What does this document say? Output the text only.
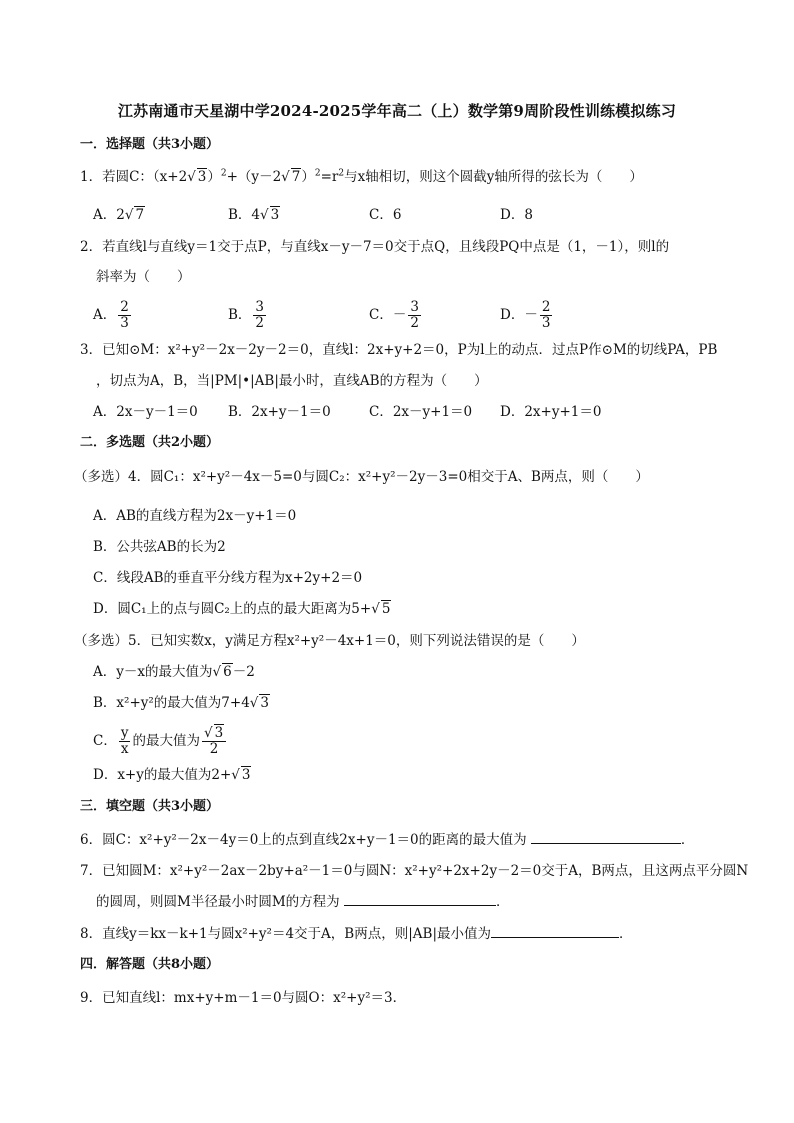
江苏南通市天星湖中学2024-2025学年高二（上）数学第9周阶段性训练模拟练习
一．选择题（共3小题）
1．若圆C：（x+2√ 3）$^2$+（y－2√ $7)^2=r^2$与x轴相切，则这个圆截y轴所得的弦长为（　　）
A．2√ 7	B．4√ 3	C．6	D．8
2．若直线l与直线y＝1交于点P，与直线x－y－7＝0交于点Q，且线段PQ中点是（1，－1），则l的
斜率为（　　）
A． $\frac{2}{3}$	B． $\frac{3}{2}$	C．－ $\frac{3}{2}$	D．－ $\frac{2}{3}$
3．已知⊙M：x²+y²－2x－2y－2＝0，直线l：2x+y+2＝0，P为l上的动点．过点P作⊙M的切线PA，PB
，切点为A，B，当|PM|•|AB|最小时，直线AB的方程为（　　）
A．2x－y－1＝0 B．2x+y－1＝0	C．2x－y+1＝0 D．2x+y+1＝0
二．多选题（共2小题）
（多选）4．圆C₁：x²+y²－4x－5=0与圆C₂：x²+y²－2y－3=0相交于A、B两点，则（　　）
A．AB的直线方程为2x－y+1＝0
B．公共弦AB的长为2
C．线段AB的垂直平分线方程为x+2y+2＝0
D．圆C₁上的点与圆C₂上的点的最大距离为5+√ 5
（多选）5．已知实数x，y满足方程x²+y²－4x+1＝0，则下列说法错误的是（　　）
A．y－x的最大值为√ 6－2
B．x²+y²的最大值为7+4√ 3
C． $\frac{y}{x}$ 的最大值为 $\frac{√ 3}{2}$
D．x+y的最大值为2+√ 3
三．填空题（共3小题）
6．圆C：x²+y²－2x－4y＝0上的点到直线2x+y－1＝0的距离的最大值为	．
7．已知圆M：x²+y²－2ax－2by+a²－1＝0与圆N：x²+y²+2x+2y－2＝0交于A，B两点，且这两点平分圆N
的圆周，则圆M半径最小时圆M的方程为	．
8．直线y＝kx－k+1与圆x²+y²＝4交于A，B两点，则|AB|最小值为	．
四．解答题（共8小题）
9．已知直线l：mx+y+m－1＝0与圆O：x²+y²＝3．
